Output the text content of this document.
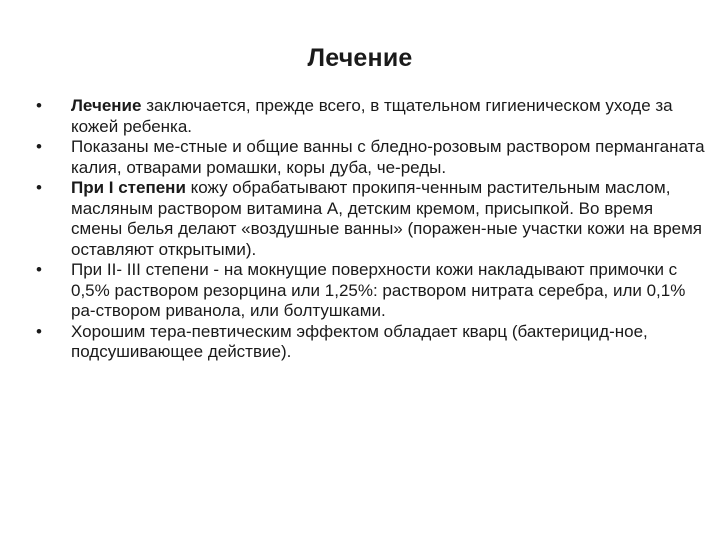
Лечение
•	Лечение заключается, прежде всего, в тщательном гигиеническом уходе за кожей ребенка.
•	Показаны ме-стные и общие ванны с бледно-розовым раствором перманганата калия, отварами ромашки, коры дуба, че-реды.
•	При I степени кожу обрабатывают прокипя-ченным растительным маслом, масляным раствором витамина А, детским кремом, присыпкой. Во время смены белья делают «воздушные ванны» (поражен-ные участки кожи на время оставляют открытыми).
•	При II- III степени - на мокнущие поверхности кожи накладывают примочки с 0,5% раствором резорцина или 1,25%: раствором нитрата серебра, или 0,1% ра-створом риванола, или болтушками.
•	Хорошим тера-певтическим эффектом обладает кварц (бактерицид-ное, подсушивающее действие).
